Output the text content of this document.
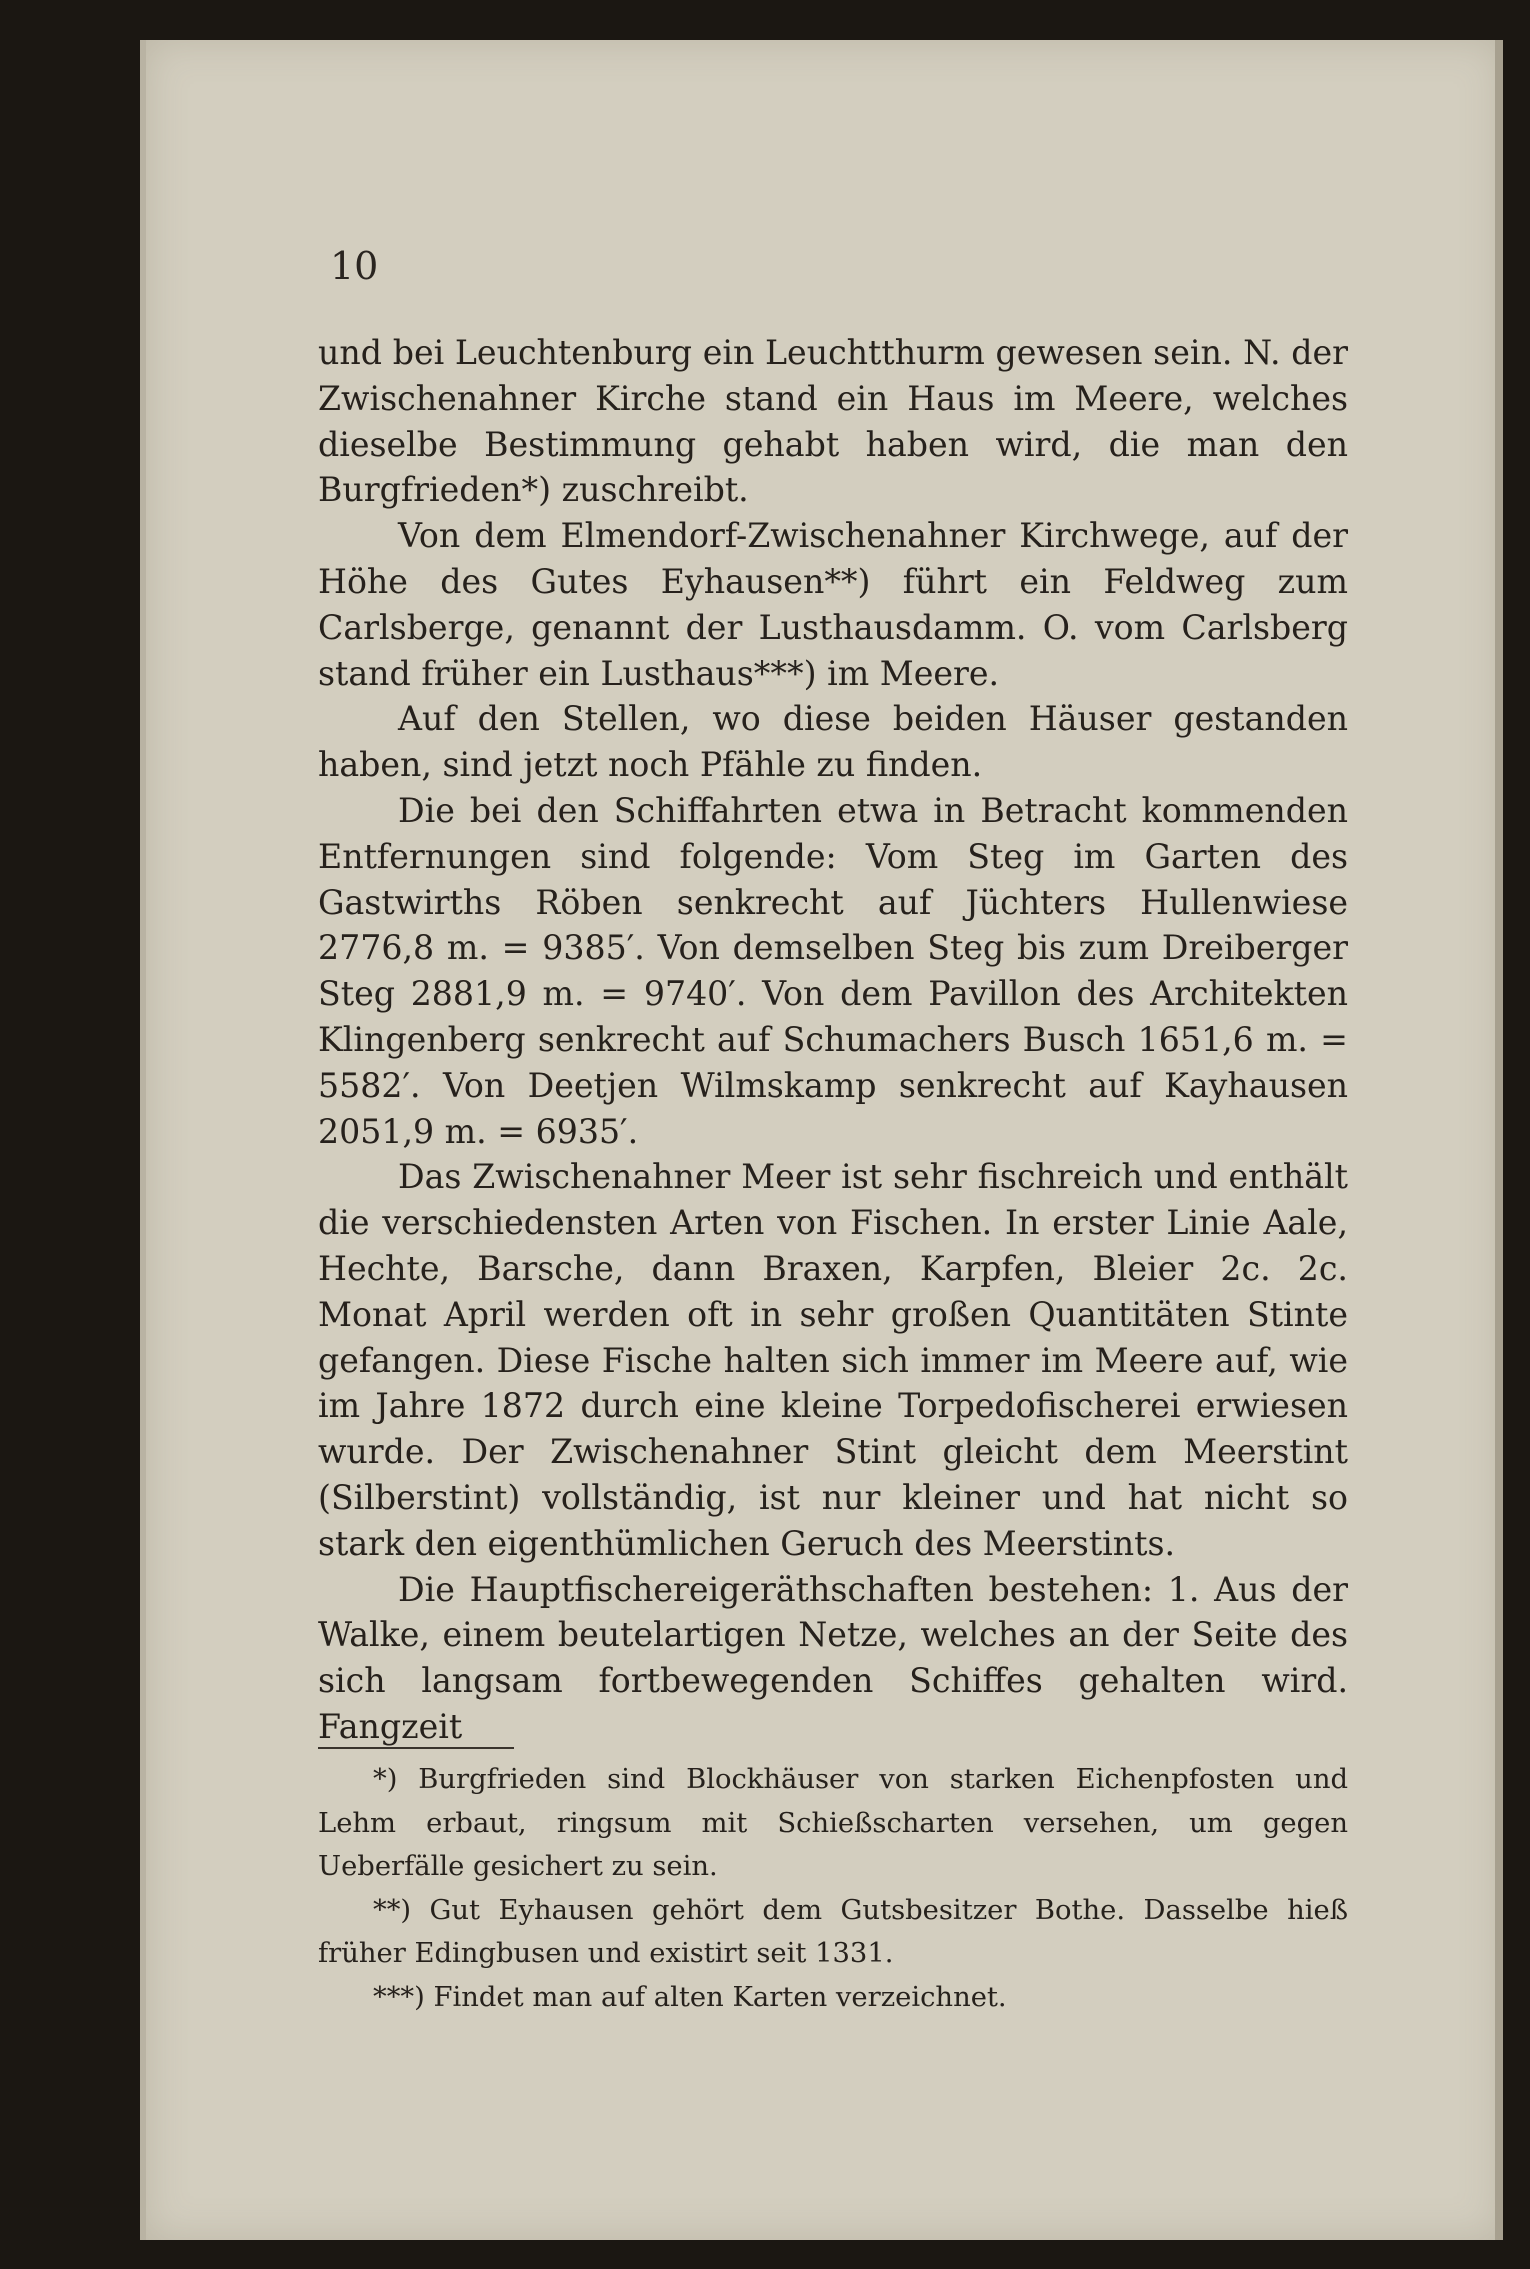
10

und bei Leuchtenburg ein Leuchtthurm gewesen sein. N. der Zwischenahner Kirche stand ein Haus im Meere, welches dieselbe Bestimmung gehabt haben wird, die man den Burgfrieden*) zuschreibt.

Von dem Elmendorf-Zwischenahner Kirchwege, auf der Höhe des Gutes Eyhausen**) führt ein Feldweg zum Carlsberge, genannt der Lusthausdamm. O. vom Carlsberg stand früher ein Lusthaus***) im Meere.

Auf den Stellen, wo diese beiden Häuser gestanden haben, sind jetzt noch Pfähle zu finden.

Die bei den Schiffahrten etwa in Betracht kommenden Entfernungen sind folgende: Vom Steg im Garten des Gastwirths Röben senkrecht auf Jüchters Hullenwiese 2776,8 m. = 9385′. Von demselben Steg bis zum Dreiberger Steg 2881,9 m. = 9740′. Von dem Pavillon des Architekten Klingenberg senkrecht auf Schumachers Busch 1651,6 m. = 5582′. Von Deetjen Wilmskamp senkrecht auf Kayhausen 2051,9 m. = 6935′.

Das Zwischenahner Meer ist sehr fischreich und enthält die verschiedensten Arten von Fischen. In erster Linie Aale, Hechte, Barsche, dann Braxen, Karpfen, Bleier 2c. 2c. Monat April werden oft in sehr großen Quantitäten Stinte gefangen. Diese Fische halten sich immer im Meere auf, wie im Jahre 1872 durch eine kleine Torpedofischerei erwiesen wurde. Der Zwischenahner Stint gleicht dem Meerstint (Silberstint) vollständig, ist nur kleiner und hat nicht so stark den eigenthümlichen Geruch des Meerstints.

Die Hauptfischereigeräthschaften bestehen: 1. Aus der Walke, einem beutelartigen Netze, welches an der Seite des sich langsam fortbewegenden Schiffes gehalten wird. Fangzeit

*) Burgfrieden sind Blockhäuser von starken Eichenpfosten und Lehm erbaut, ringsum mit Schießscharten versehen, um gegen Ueberfälle gesichert zu sein.

**) Gut Eyhausen gehört dem Gutsbesitzer Bothe. Dasselbe hieß früher Edingbusen und existirt seit 1331.

***) Findet man auf alten Karten verzeichnet.
